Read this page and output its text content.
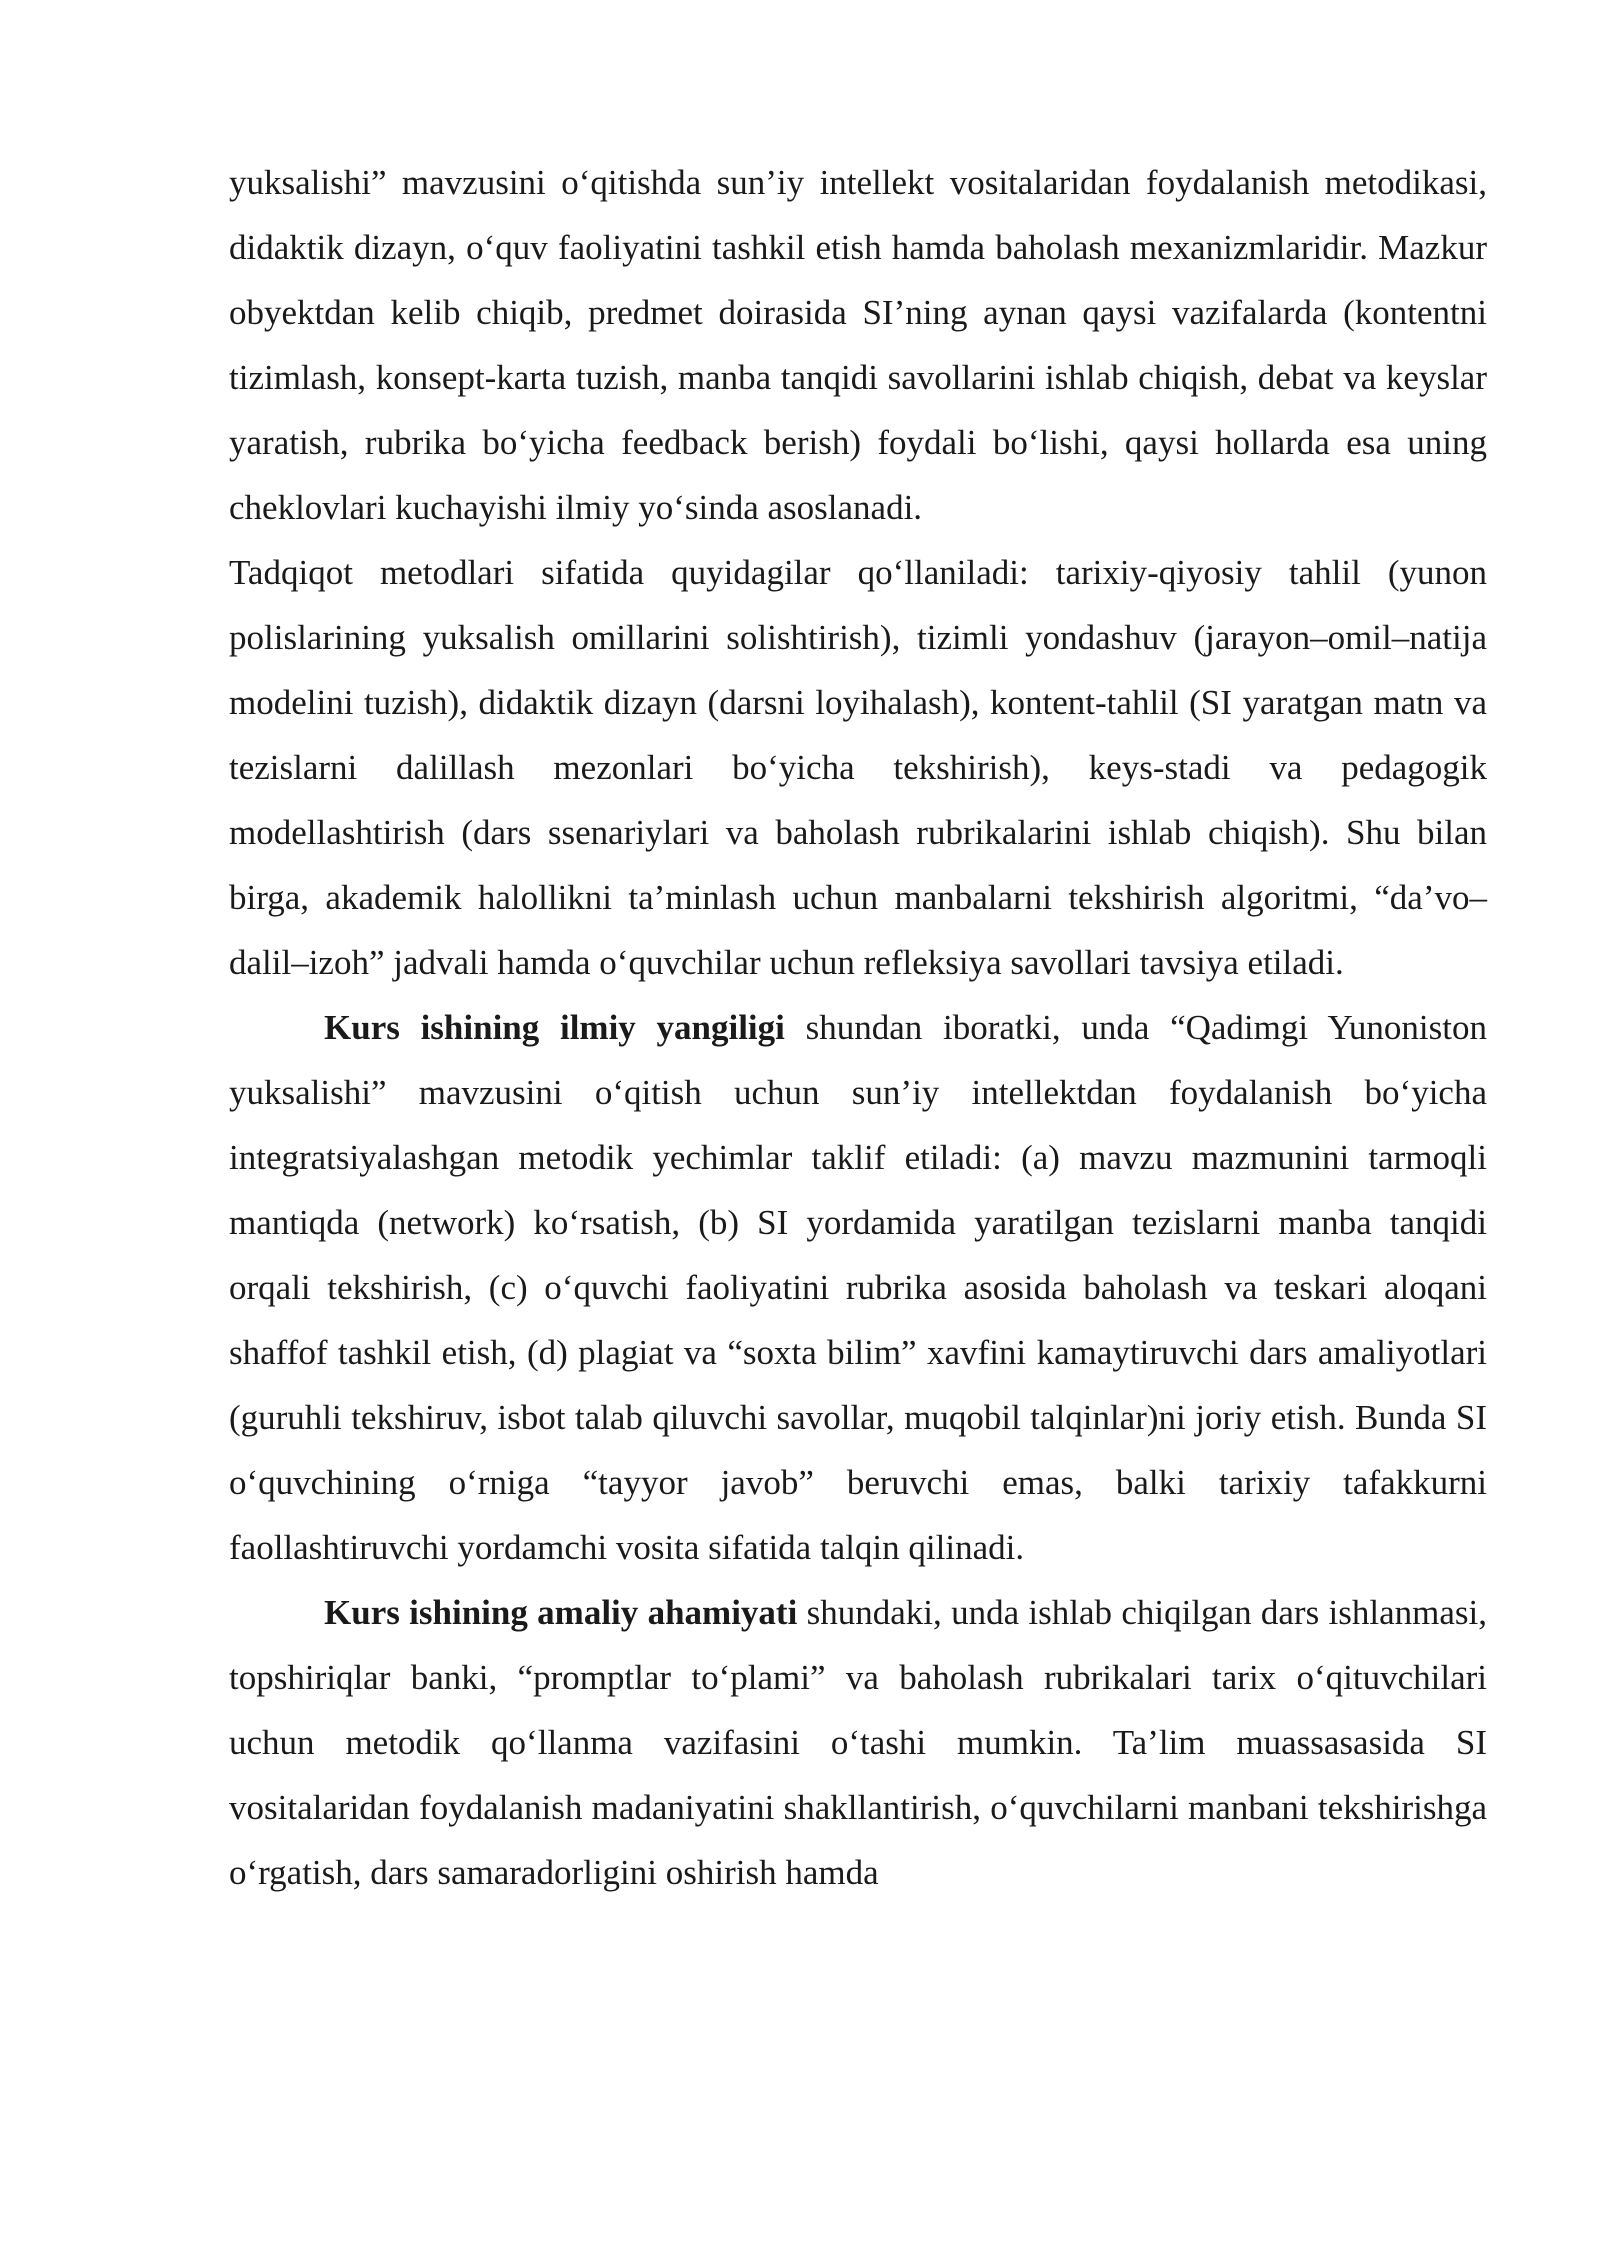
yuksalishi” mavzusini o‘qitishda sun’iy intellekt vositalaridan foydalanish metodikasi, didaktik dizayn, o‘quv faoliyatini tashkil etish hamda baholash mexanizmlaridir. Mazkur obyektdan kelib chiqib, predmet doirasida SI’ning aynan qaysi vazifalarda (kontentni tizimlash, konsept-karta tuzish, manba tanqidi savollarini ishlab chiqish, debat va keyslar yaratish, rubrika bo‘yicha feedback berish) foydali bo‘lishi, qaysi hollarda esa uning cheklovlari kuchayishi ilmiy yo‘sinda asoslanadi.

Tadqiqot metodlari sifatida quyidagilar qo‘llaniladi: tarixiy-qiyosiy tahlil (yunon polislarining yuksalish omillarini solishtirish), tizimli yondashuv (jarayon–omil–natija modelini tuzish), didaktik dizayn (darsni loyihalash), kontent-tahlil (SI yaratgan matn va tezislarni dalillash mezonlari bo‘yicha tekshirish), keys-stadi va pedagogik modellashtirish (dars ssenariylari va baholash rubrikalarini ishlab chiqish). Shu bilan birga, akademik halollikni ta’minlash uchun manbalarni tekshirish algoritmi, “da’vo–dalil–izoh” jadvali hamda o‘quvchilar uchun refleksiya savollari tavsiya etiladi.

Kurs ishining ilmiy yangiligi shundan iboratki, unda “Qadimgi Yunoniston yuksalishi” mavzusini o‘qitish uchun sun’iy intellektdan foydalanish bo‘yicha integratsiyalashgan metodik yechimlar taklif etiladi: (a) mavzu mazmunini tarmoqli mantiqda (network) ko‘rsatish, (b) SI yordamida yaratilgan tezislarni manba tanqidi orqali tekshirish, (c) o‘quvchi faoliyatini rubrika asosida baholash va teskari aloqani shaffof tashkil etish, (d) plagiat va “soxta bilim” xavfini kamaytiruvchi dars amaliyotlari (guruhli tekshiruv, isbot talab qiluvchi savollar, muqobil talqinlar)ni joriy etish. Bunda SI o‘quvchining o‘rniga “tayyor javob” beruvchi emas, balki tarixiy tafakkurni faollashtiruvchi yordamchi vosita sifatida talqin qilinadi.

Kurs ishining amaliy ahamiyati shundaki, unda ishlab chiqilgan dars ishlanmasi, topshiriqlar banki, “promptlar to‘plami” va baholash rubrikalari tarix o‘qituvchilari uchun metodik qo‘llanma vazifasini o‘tashi mumkin. Ta’lim muassasasida SI vositalaridan foydalanish madaniyatini shakllantirish, o‘quvchilarni manbani tekshirishga o‘rgatish, dars samaradorligini oshirish hamda
